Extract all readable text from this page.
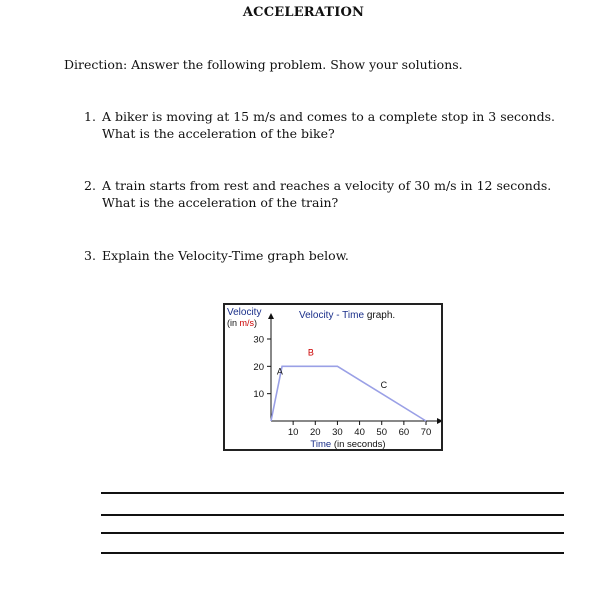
ACCELERATION
Direction: Answer the following problem. Show your solutions.
1. A biker is moving at 15 m/s and comes to a complete stop in 3 seconds.
What is the acceleration of the bike?
2. A train starts from rest and reaches a velocity of 30 m/s in 12 seconds.
What is the acceleration of the train?
3. Explain the Velocity-Time graph below.
10 20 30 40 50 60 70
10
20
30
A
B
C
Velocity - Time graph.
Velocity
(in m/s)
Time (in seconds)
